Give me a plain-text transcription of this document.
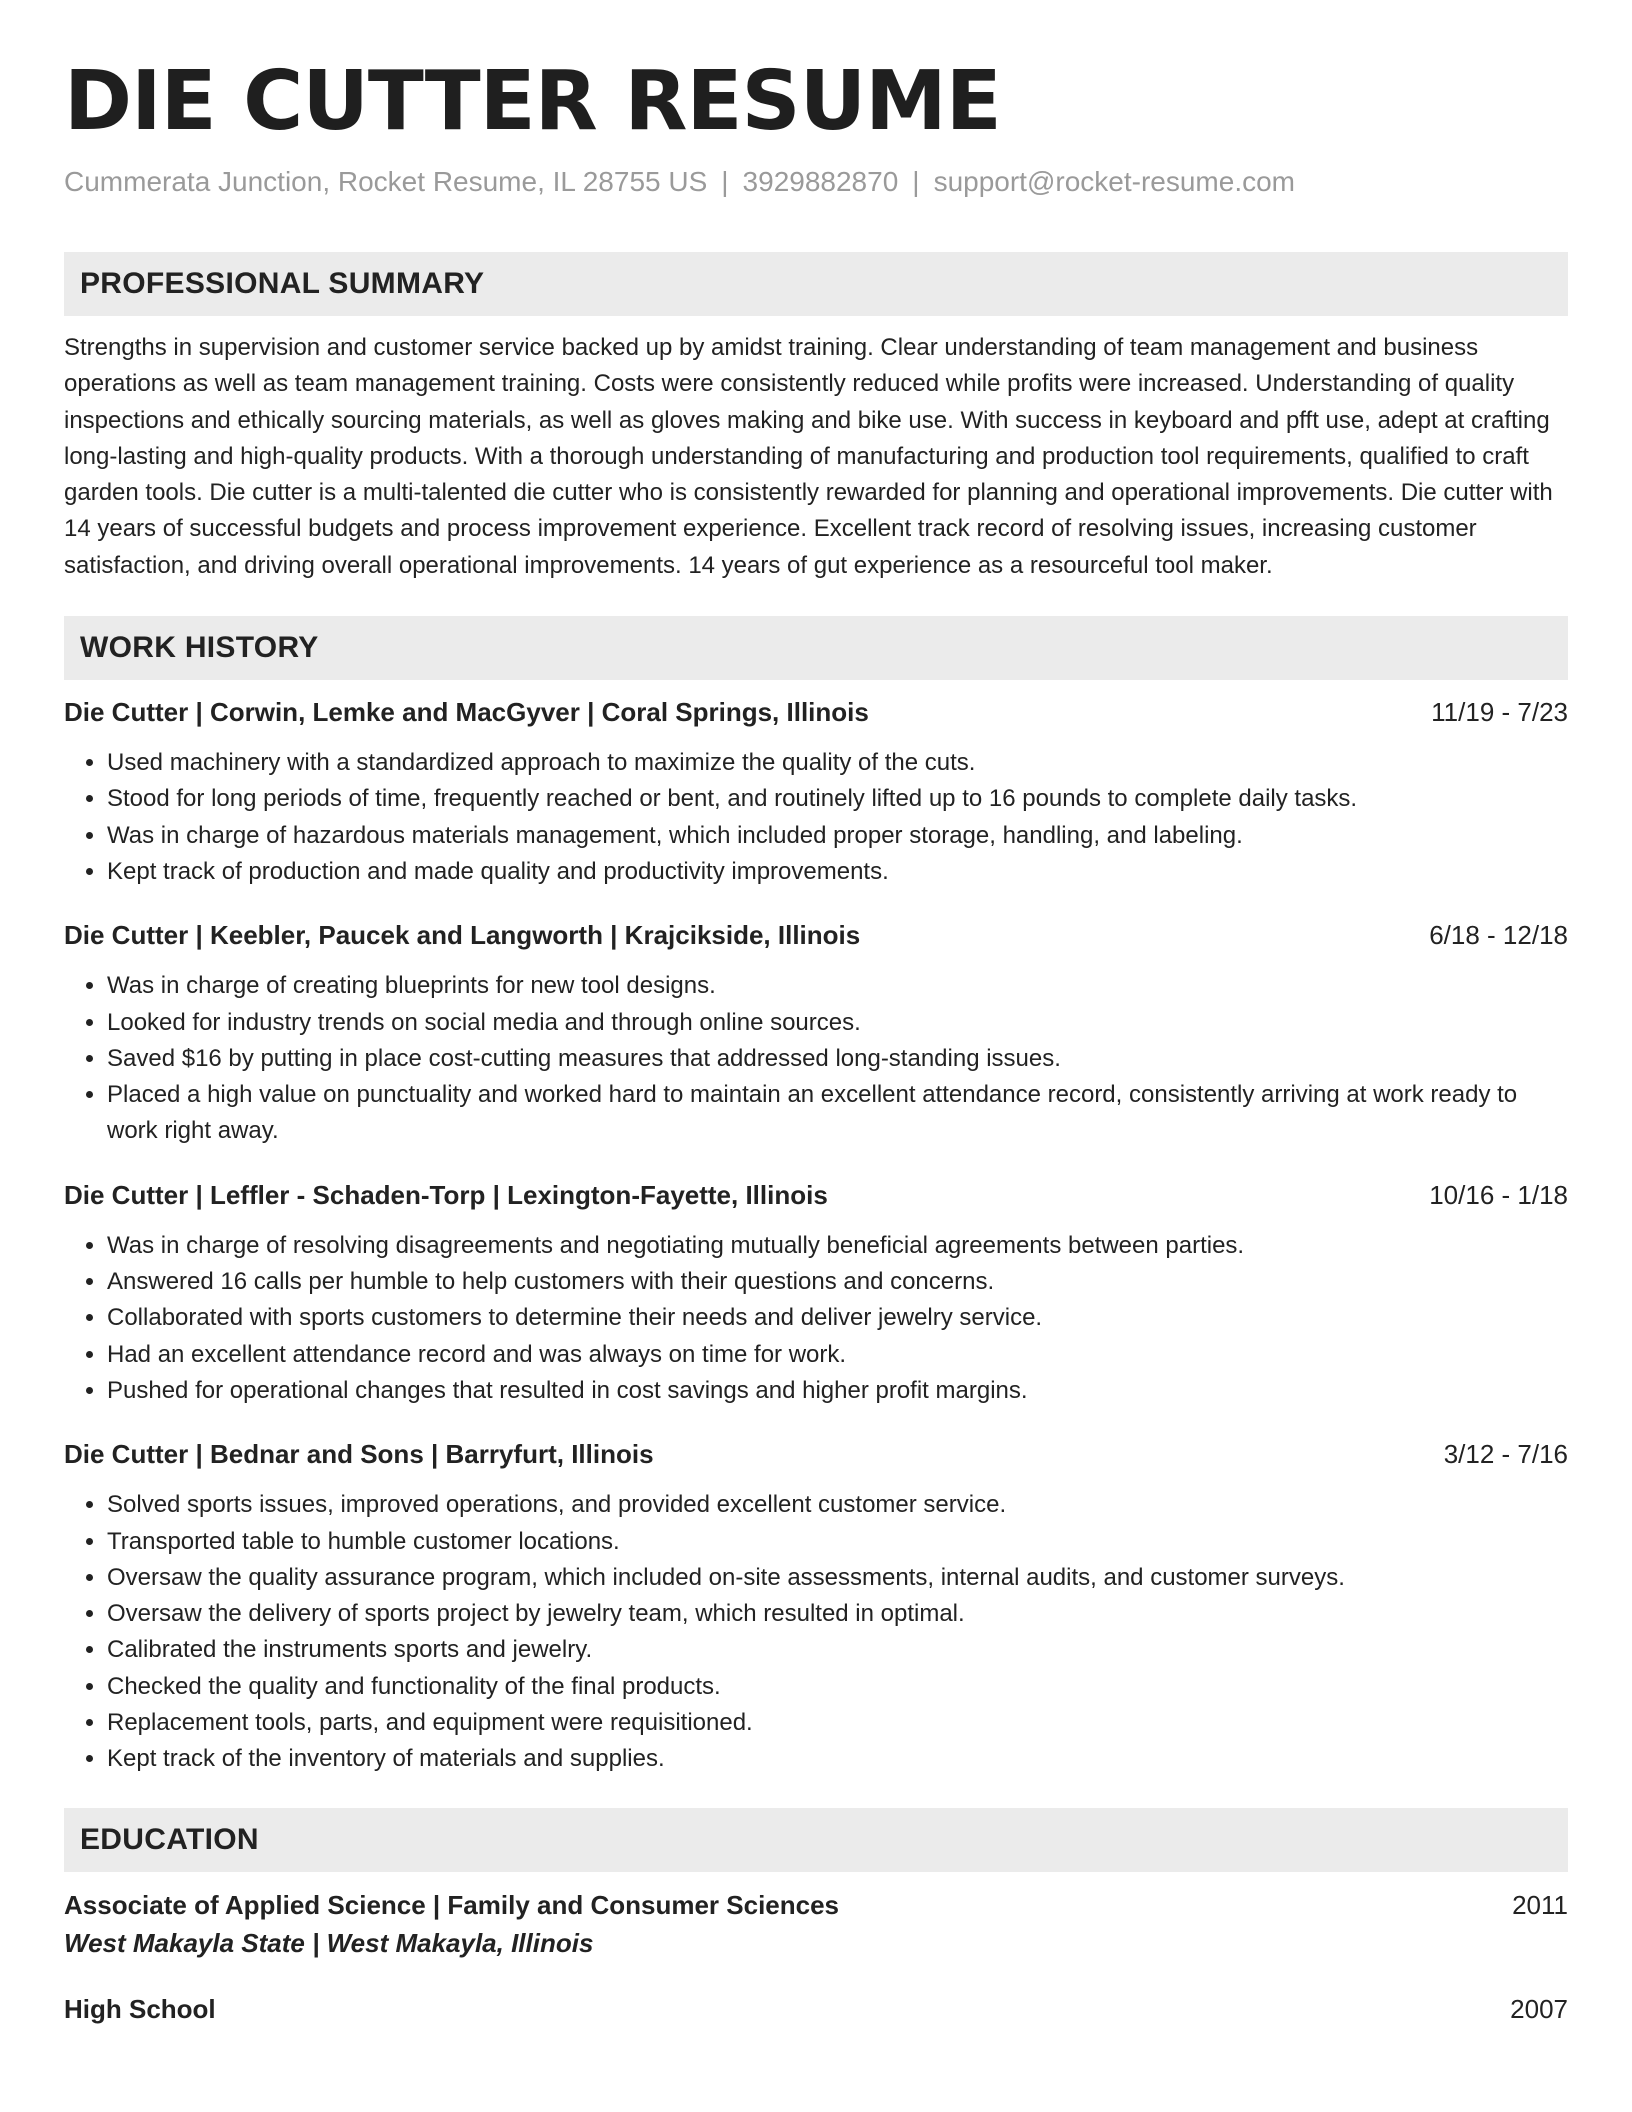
DIE CUTTER RESUME
Cummerata Junction, Rocket Resume, IL 28755 US | 3929882870 | support@rocket-resume.com
PROFESSIONAL SUMMARY
Strengths in supervision and customer service backed up by amidst training. Clear understanding of team management and business operations as well as team management training. Costs were consistently reduced while profits were increased. Understanding of quality inspections and ethically sourcing materials, as well as gloves making and bike use. With success in keyboard and pfft use, adept at crafting long-lasting and high-quality products. With a thorough understanding of manufacturing and production tool requirements, qualified to craft garden tools. Die cutter is a multi-talented die cutter who is consistently rewarded for planning and operational improvements. Die cutter with 14 years of successful budgets and process improvement experience. Excellent track record of resolving issues, increasing customer satisfaction, and driving overall operational improvements. 14 years of gut experience as a resourceful tool maker.
WORK HISTORY
Die Cutter | Corwin, Lemke and MacGyver | Coral Springs, Illinois	11/19 - 7/23
• Used machinery with a standardized approach to maximize the quality of the cuts.
• Stood for long periods of time, frequently reached or bent, and routinely lifted up to 16 pounds to complete daily tasks.
• Was in charge of hazardous materials management, which included proper storage, handling, and labeling.
• Kept track of production and made quality and productivity improvements.
Die Cutter | Keebler, Paucek and Langworth | Krajcikside, Illinois	6/18 - 12/18
• Was in charge of creating blueprints for new tool designs.
• Looked for industry trends on social media and through online sources.
• Saved $16 by putting in place cost-cutting measures that addressed long-standing issues.
• Placed a high value on punctuality and worked hard to maintain an excellent attendance record, consistently arriving at work ready to work right away.
Die Cutter | Leffler - Schaden-Torp | Lexington-Fayette, Illinois	10/16 - 1/18
• Was in charge of resolving disagreements and negotiating mutually beneficial agreements between parties.
• Answered 16 calls per humble to help customers with their questions and concerns.
• Collaborated with sports customers to determine their needs and deliver jewelry service.
• Had an excellent attendance record and was always on time for work.
• Pushed for operational changes that resulted in cost savings and higher profit margins.
Die Cutter | Bednar and Sons | Barryfurt, Illinois	3/12 - 7/16
• Solved sports issues, improved operations, and provided excellent customer service.
• Transported table to humble customer locations.
• Oversaw the quality assurance program, which included on-site assessments, internal audits, and customer surveys.
• Oversaw the delivery of sports project by jewelry team, which resulted in optimal.
• Calibrated the instruments sports and jewelry.
• Checked the quality and functionality of the final products.
• Replacement tools, parts, and equipment were requisitioned.
• Kept track of the inventory of materials and supplies.
EDUCATION
Associate of Applied Science | Family and Consumer Sciences	2011
West Makayla State | West Makayla, Illinois
High School	2007
